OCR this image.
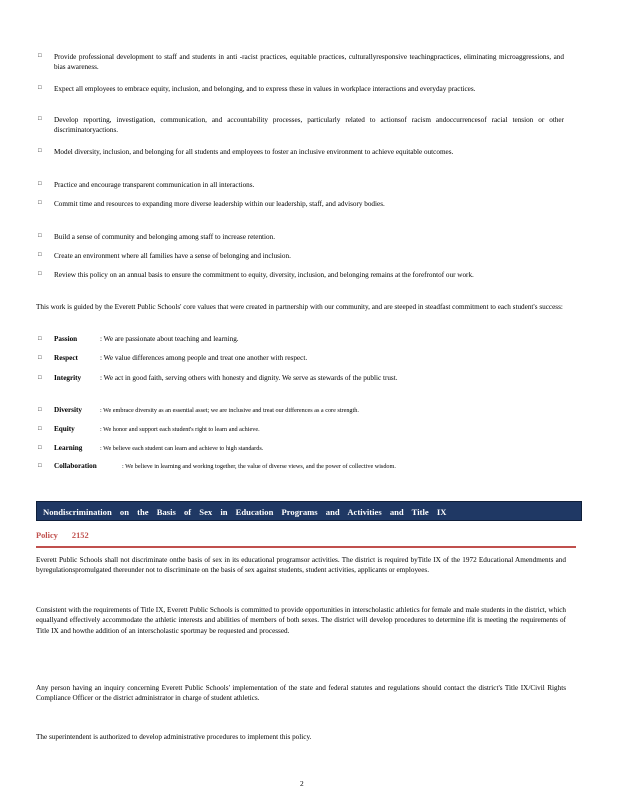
□ Provide professional development to staff and students in anti -racist practices, equitable practices, culturallyresponsive teachingpractices, eliminating microaggressions, and bias awareness.
□ Expect all employees to embrace equity, inclusion, and belonging, and to express these in values in workplace interactions and everyday practices.
□ Develop reporting, investigation, communication, and accountability processes, particularly related to actionsof racism andoccurrencesof racial tension or other discriminatoryactions.
□ Model diversity, inclusion, and belonging for all students and employees to foster an inclusive environment to achieve equitable outcomes.
□ Practice and encourage transparent communication in all interactions.
□ Commit time and resources to expanding more diverse leadership within our leadership, staff, and advisory bodies.
□ Build a sense of community and belonging among staff to increase retention.
□ Create an environment where all families have a sense of belonging and inclusion.
□ Review this policy on an annual basis to ensure the commitment to equity, diversity, inclusion, and belonging remains at the forefrontof our work.
This work is guided by the Everett Public Schools' core values that were created in partnership with our community, and are steeped in steadfast commitment to each student's success:
□ Passion	: We are passionate about teaching and learning.
□ Respect	: We value differences among people and treat one another with respect.
□ Integrity	: We act in good faith, serving others with honesty and dignity. We serve as stewards of the public trust.
□ Diversity	: We embrace diversity as an essential asset; we are inclusive and treat our differences as a core strength.
□ Equity	: We honor and support each student's right to learn and achieve.
□ Learning	: We believe each student can learn and achieve to high standards.
□ Collaboration	: We believe in learning and working together, the value of diverse views, and the power of collective wisdom.
Nondiscrimination on the Basis of Sex in Education Programs and Activities and Title IX
Policy 2152
Everett Public Schools shall not discriminate onthe basis of sex in its educational programsor activities. The district is required byTitle IX of the 1972 Educational Amendments and byregulationspromulgated thereunder not to discriminate on the basis of sex against students, student activities, applicants or employees.
Consistent with the requirements of Title IX, Everett Public Schools is committed to provide opportunities in interscholastic athletics for female and male students in the district, which equallyand effectively accommodate the athletic interests and abilities of members of both sexes. The district will develop procedures to determine ifit is meeting the requirements of Title IX and howthe addition of an interscholastic sportmay be requested and processed.
Any person having an inquiry concerning Everett Public Schools' implementation of the state and federal statutes and regulations should contact the district's Title IX/Civil Rights Compliance Officer or the district administrator in charge of student athletics.
The superintendent is authorized to develop administrative procedures to implement this policy.
2
